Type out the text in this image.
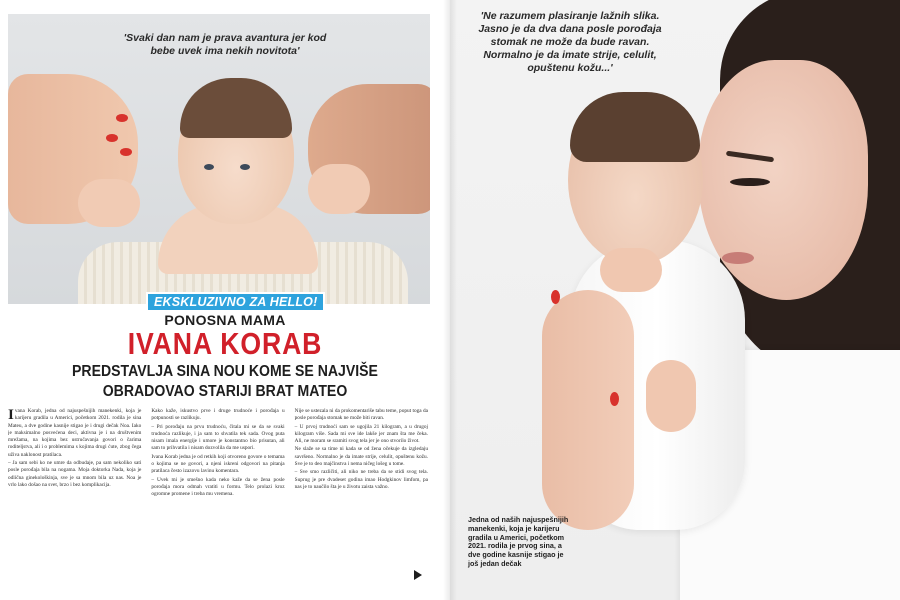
'Svaki dan nam je prava avantura jer kod bebe uvek ima nekih novitota'
EKSKLUZIVNO ZA HELLO!
PONOSNA MAMA
IVANA KORAB
PREDSTAVLJA SINA NOU KOME SE NAJVIŠE
OBRADOVAO STARIJI BRAT MATEO

Ivana Korab, jedna od najuspešnijih manekenki, koja je karijeru gradila u Americi, početkom 2021. rodila je sina Mateu, a dve godine kasnije stigao je i drugi dečak Noa. Iako je maksimalno posvećena deci, aktivna je i na društvenim mrežama, na kojima bez ustručavanja govori o čarima roditeljstva, ali i o problemima s kojima drugi ćute, zbog čega uživa naklonost pratilaca.

– Ja sam sebi ko ne umre da odbudaje, pa sam nekoliko sati posle porođaja bila na nogama. Moja doktorka Nada, koja je odlična ginekološkinja, sve je sa mnom bila uz nas. Noa je vrlo lako došao na svet, brzo i bez komplikacija.

Kako kaže, iskustvo prve i druge trudnoće i porođaja u potpunosti se razlikuju.

– Pri porođaju na prvu trudnoću, čitala mi se da se svaki trudnoća razlikuje, i ja sam to shvatila tek sada. Ovog puta nisam imala energije i umore je konstantno bio prisutan, ali sam to prihvatila i nisam dozvolila da me uspori.

Ivana Korab jedna je od retkih koji otvoreno govore o temama o kojima se ne govori, a njeni iskreni odgovori na pitanja pratilaca često izazovu lavinu komentara.

– Uvek mi je smešno kada neko kaže da se žena posle porođaja mora odmah vratiti u formu. Telo prolazi kroz ogromne promene i treba mu vremena.

Nije se ustezala ni da prokomentariše tabu teme, poput toga da posle porođaja stomak ne može biti ravan.

– U prvoj trudnoći sam se ugojila 21 kilogram, a u drugoj kilogram više. Sada mi sve ide lakše jer znam šta me čeka. Ali, ne moram se sramiti svog tela jer je ono stvorilo život.

Ne slaže se sa time ni kada se od žena očekuje da izgledaju savršeno. Normalno je da imate strije, celulit, opuštenu kožu. Sve je to deo majčinstva i nema ničeg lošeg u tome.

– Sve smo različiti, ali niko ne treba da se stidi svog tela. Suprug je pre dvadeset godina imao Hodgkinov limfom, pa nas je to naučilo šta je u životu zaista važno.

'Ne razumem plasiranje lažnih slika. Jasno je da dva dana posle porođaja stomak ne može da bude ravan. Normalno je da imate strije, celulit, opuštenu kožu...'
Jedna od naših najuspešnijih manekenki, koja je karijeru gradila u Americi, početkom 2021. rodila je prvog sina, a dve godine kasnije stigao je još jedan dečak
